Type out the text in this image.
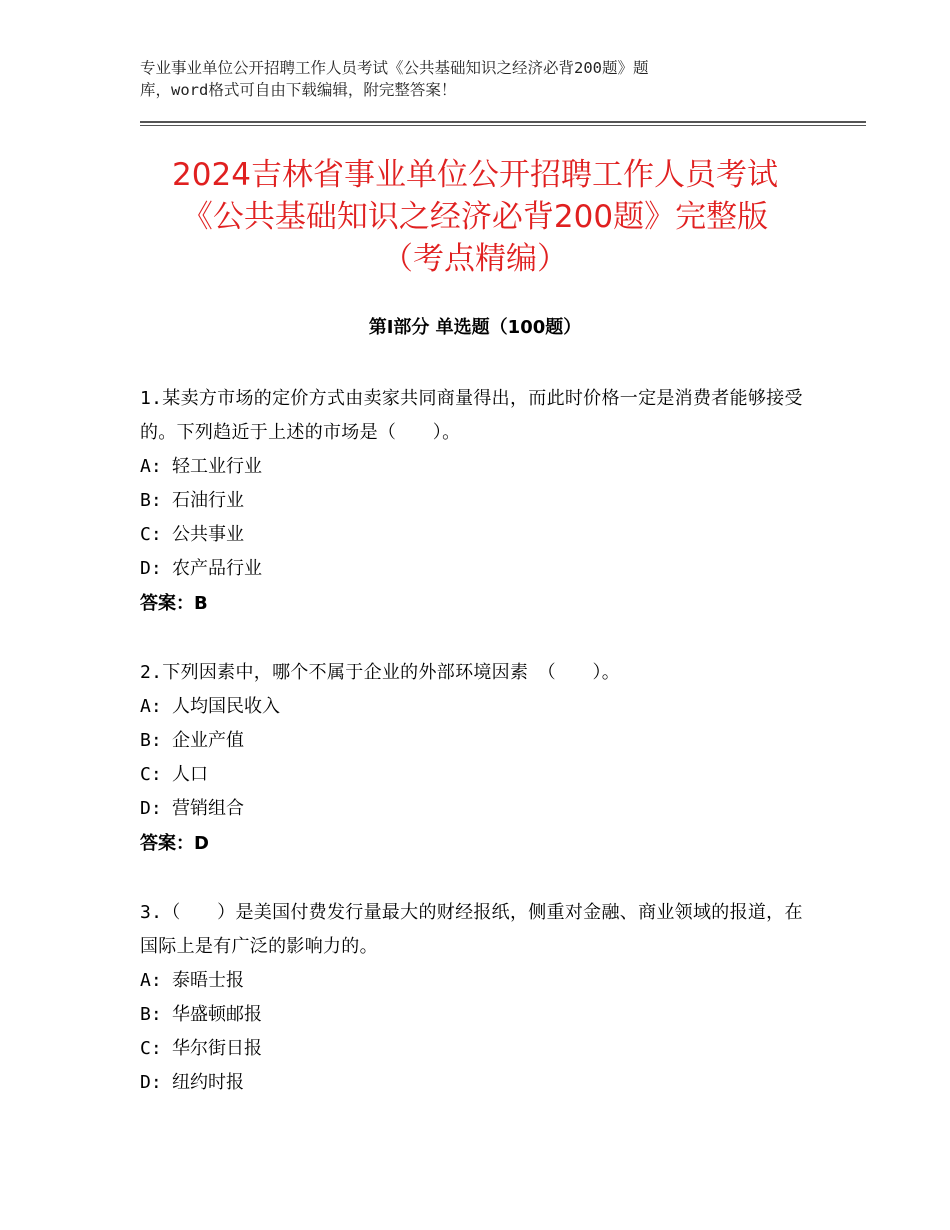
专业事业单位公开招聘工作人员考试《公共基础知识之经济必背200题》题
库，word格式可自由下载编辑，附完整答案！
2024吉林省事业单位公开招聘工作人员考试
《公共基础知识之经济必背200题》完整版
（考点精编）
第Ⅰ部分 单选题（100题）
1.某卖方市场的定价方式由卖家共同商量得出，而此时价格一定是消费者能够接受的。下列趋近于上述的市场是（　　）。
A: 轻工业行业
B: 石油行业
C: 公共事业
D: 农产品行业
答案：B
2.下列因素中，哪个不属于企业的外部环境因素　（　　）。
A: 人均国民收入
B: 企业产值
C: 人口
D: 营销组合
答案：D
3.（　　）是美国付费发行量最大的财经报纸，侧重对金融、商业领域的报道，在国际上是有广泛的影响力的。
A: 泰晤士报
B: 华盛顿邮报
C: 华尔街日报
D: 纽约时报
